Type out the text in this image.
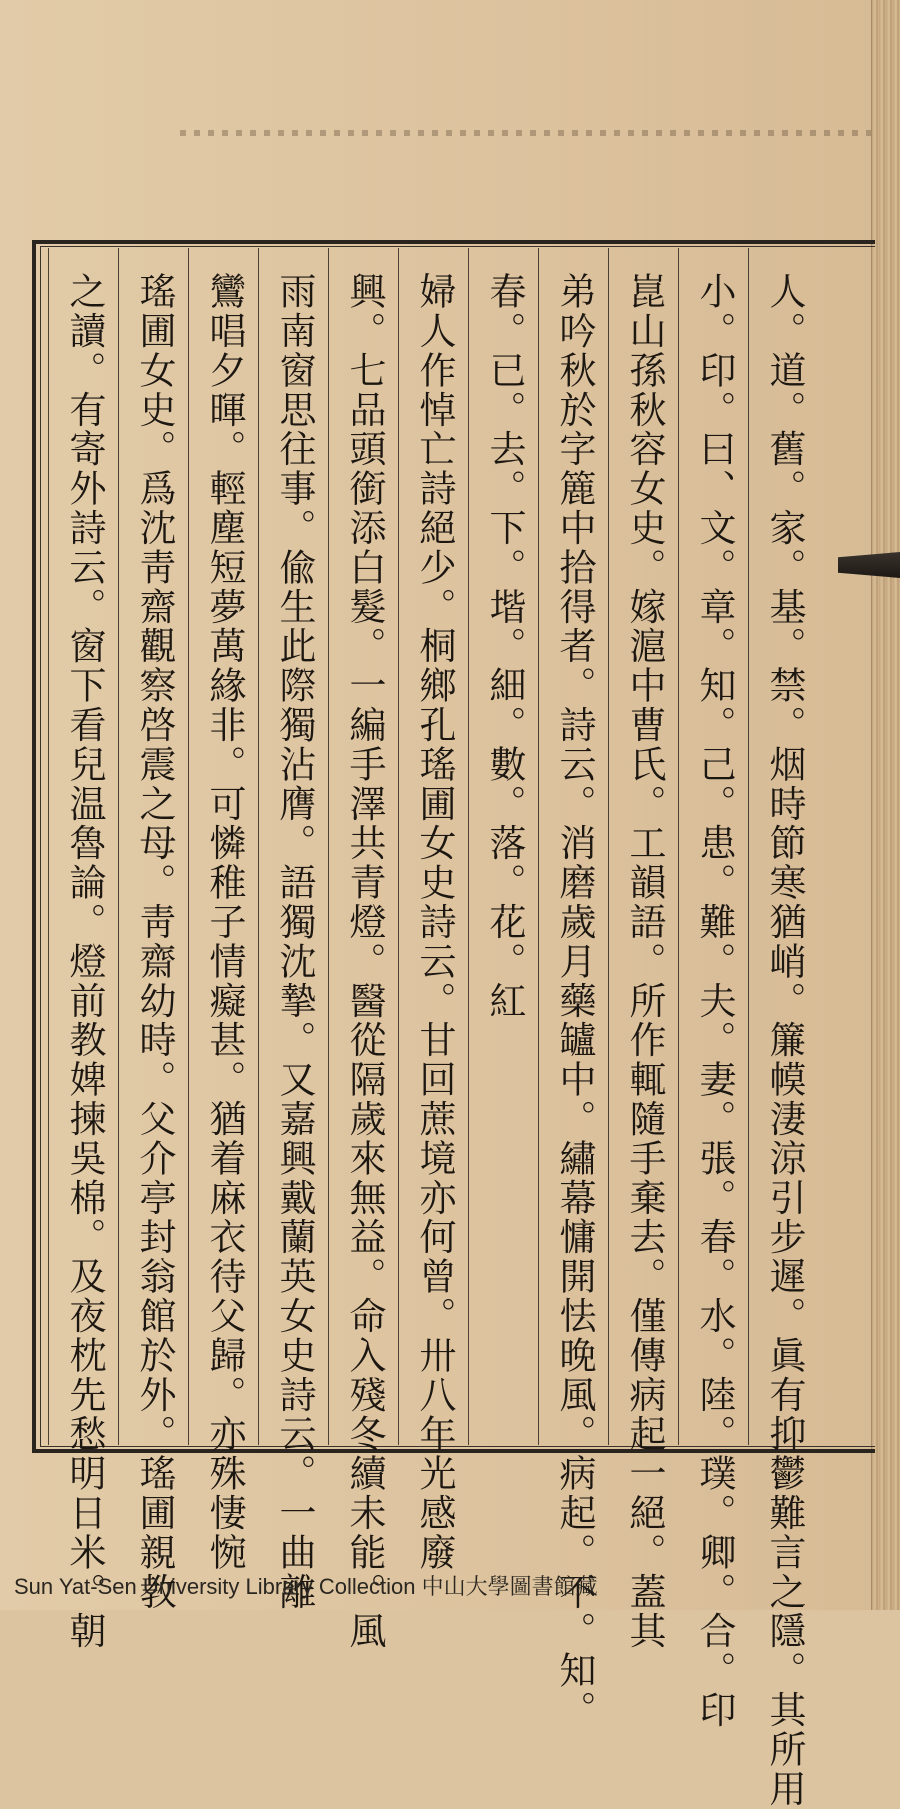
人。道。舊。家。基。禁。烟時節寒猶峭。簾幙淒涼引步遲。眞有抑鬱難言之隱。其所用
小。印。曰、文。章。知。己。患。難。夫。妻。張。春。水。陸。璞。卿。合。印
崑山孫秋容女史。嫁滬中曹氏。工韻語。所作輒隨手棄去。僅傳病起一絕。蓋其
弟吟秋於字簏中拾得者。詩云。消磨歲月藥罏中。繡幕慵開怯晚風。病起。不。知。
春。已。去。下。堦。細。數。落。花。紅
婦人作悼亡詩絕少。桐鄉孔瑤圃女史詩云。甘回蔗境亦何曾。卅八年光感廢
興。七品頭銜添白髮。一編手澤共青燈。醫從隔歲來無益。命入殘冬續未能。風
雨南窗思往事。偸生此際獨沾膺。語獨沈摯。又嘉興戴蘭英女史詩云。一曲離
鸞唱夕暉。輕塵短夢萬緣非。可憐稚子情癡甚。猶着麻衣待父歸。亦殊悽惋
瑤圃女史。爲沈靑齋觀察啓震之母。靑齋幼時。父介亭封翁館於外。瑤圃親教
之讀。有寄外詩云。窗下看兒温魯論。燈前教婢揀吳棉。及夜枕先愁明日米。朝
Sun Yat-Sen University Library Collection 中山大學圖書館藏
